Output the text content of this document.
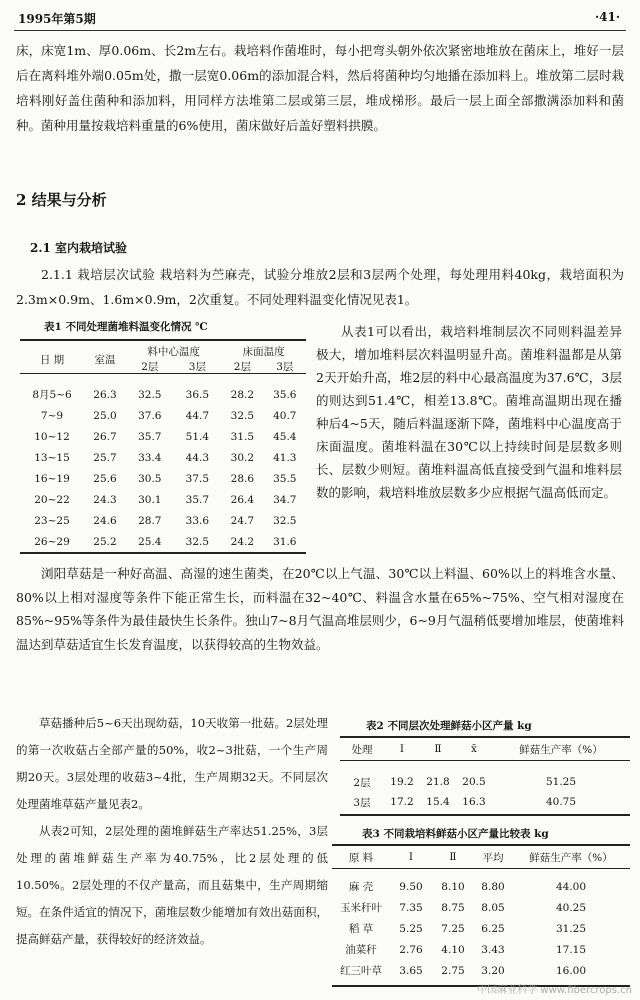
1995年第5期	·41·

床，床宽1m、厚0.06m、长2m左右。栽培料作菌堆时，每小把弯头朝外依次紧密地堆放在菌床上，堆好一层后在离料堆外端0.05m处，撒一层宽0.06m的添加混合料，然后将菌种均匀地播在添加料上。堆放第二层时栽培料刚好盖住菌种和添加料，用同样方法堆第二层或第三层，堆成梯形。最后一层上面全部撒满添加料和菌种。菌种用量按栽培料重量的6%使用，菌床做好后盖好塑料拱膜。

2 结果与分析
2.1 室内栽培试验

2.1.1 栽培层次试验 栽培料为苎麻壳，试验分堆放2层和3层两个处理，每处理用料40kg，栽培面积为2.3m×0.9m、1.6m×0.9m，2次重复。不同处理料温变化情况见表1。

表1 不同处理菌堆料温变化情况 ℃
日 期	室温	料中心温度		床面温度	
		2层	3层	2层	3层

8月5~6	26.3	32.5	36.5	28.2	35.6
7~9	25.0	37.6	44.7	32.5	40.7
10~12	26.7	35.7	51.4	31.5	45.4
13~15	25.7	33.4	44.3	30.2	41.3
16~19	25.6	30.5	37.5	28.6	35.5
20~22	24.3	30.1	35.7	26.4	34.7
23~25	24.6	28.7	33.6	24.7	32.5
26~29	25.2	25.4	32.5	24.2	31.6

从表1可以看出，栽培料堆制层次不同则料温差异极大，增加堆料层次料温明显升高。菌堆料温都是从第2天开始升高，堆2层的料中心最高温度为37.6℃，3层的则达到51.4℃，相差13.8℃。菌堆高温期出现在播种后4~5天，随后料温逐渐下降，菌堆料中心温度高于床面温度。菌堆料温在30℃以上持续时间是层数多则长、层数少则短。菌堆料温高低直接受到气温和堆料层数的影响，栽培料堆放层数多少应根据气温高低而定。

浏阳草菇是一种好高温、高湿的速生菌类，在20℃以上气温、30℃以上料温、60%以上的料堆含水量、80%以上相对湿度等条件下能正常生长，而料温在32~40℃、料温含水量在65%~75%、空气相对湿度在85%~95%等条件为最佳最快生长条件。独山7~8月气温高堆层则少，6~9月气温稍低要增加堆层，使菌堆料温达到草菇适宜生长发育温度，以获得较高的生物效益。

草菇播种后5~6天出现幼菇，10天收第一批菇。2层处理的第一次收菇占全部产量的50%，收2~3批菇，一个生产周期20天。3层处理的收菇3~4批，生产周期32天。不同层次处理菌堆草菇产量见表2。

从表2可知，2层处理的菌堆鲜菇生产率达51.25%，3层处理的菌堆鲜菇生产率为40.75%，比2层处理的低10.50%。2层处理的不仅产量高，而且菇集中，生产周期缩短。在条件适宜的情况下，菌堆层数少能增加有效出菇面积，提高鲜菇产量，获得较好的经济效益。

表2 不同层次处理鲜菇小区产量 kg
处理	Ⅰ	Ⅱ	x̄	鲜菇生产率（%）

2层	19.2	21.8	20.5	51.25
3层	17.2	15.4	16.3	40.75
表3 不同栽培料鲜菇小区产量比较表 kg
原 料	Ⅰ	Ⅱ	平均	鲜菇生产率（%）

麻 壳	9.50	8.10	8.80	44.00
玉米秆叶	7.35	8.75	8.05	40.25
稻 草	5.25	7.25	6.25	31.25
油菜秆	2.76	4.10	3.43	17.15
红三叶草	3.65	2.75	3.20	16.00
中国麻业科学 www.fibercrops.cn
